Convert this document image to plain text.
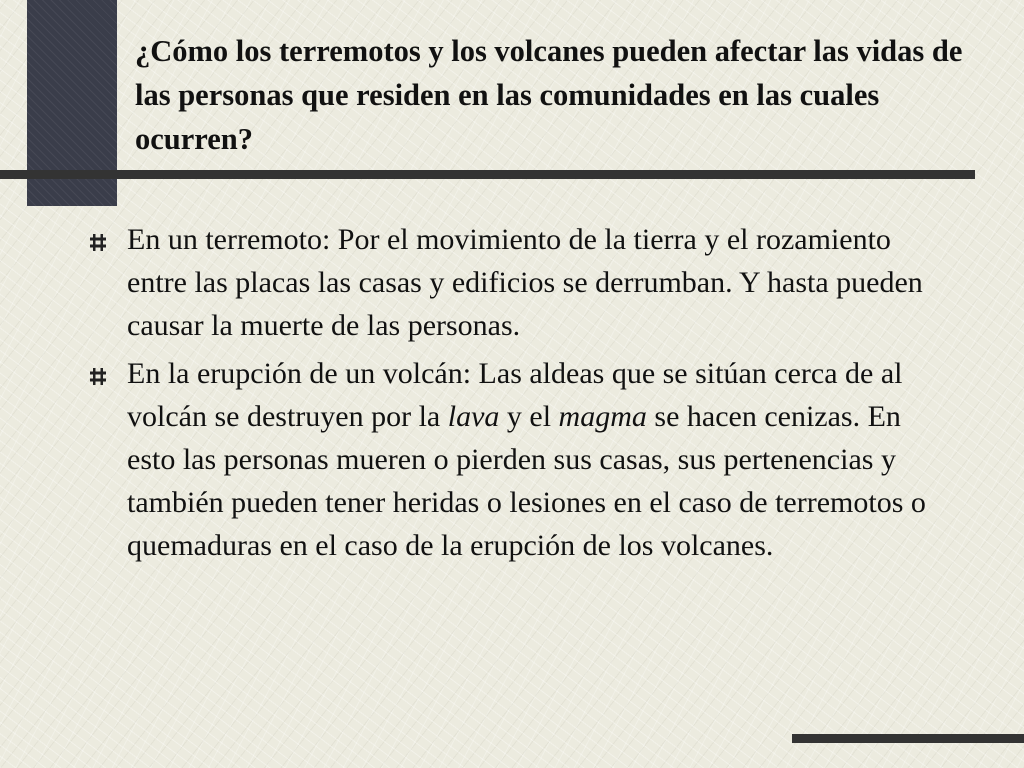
¿Cómo los terremotos y los volcanes pueden afectar las vidas de las personas que residen en las comunidades en las cuales ocurren?
En un terremoto: Por el movimiento de la tierra y el rozamiento entre las placas las casas y edificios se derrumban. Y hasta pueden causar la muerte de las personas.
En la erupción de un volcán: Las aldeas que se sitúan cerca de al volcán se destruyen por la lava y el magma se hacen cenizas. En esto las personas mueren o pierden sus casas, sus pertenencias y también pueden tener heridas o lesiones en el caso de terremotos o quemaduras en el caso de la erupción de los volcanes.
